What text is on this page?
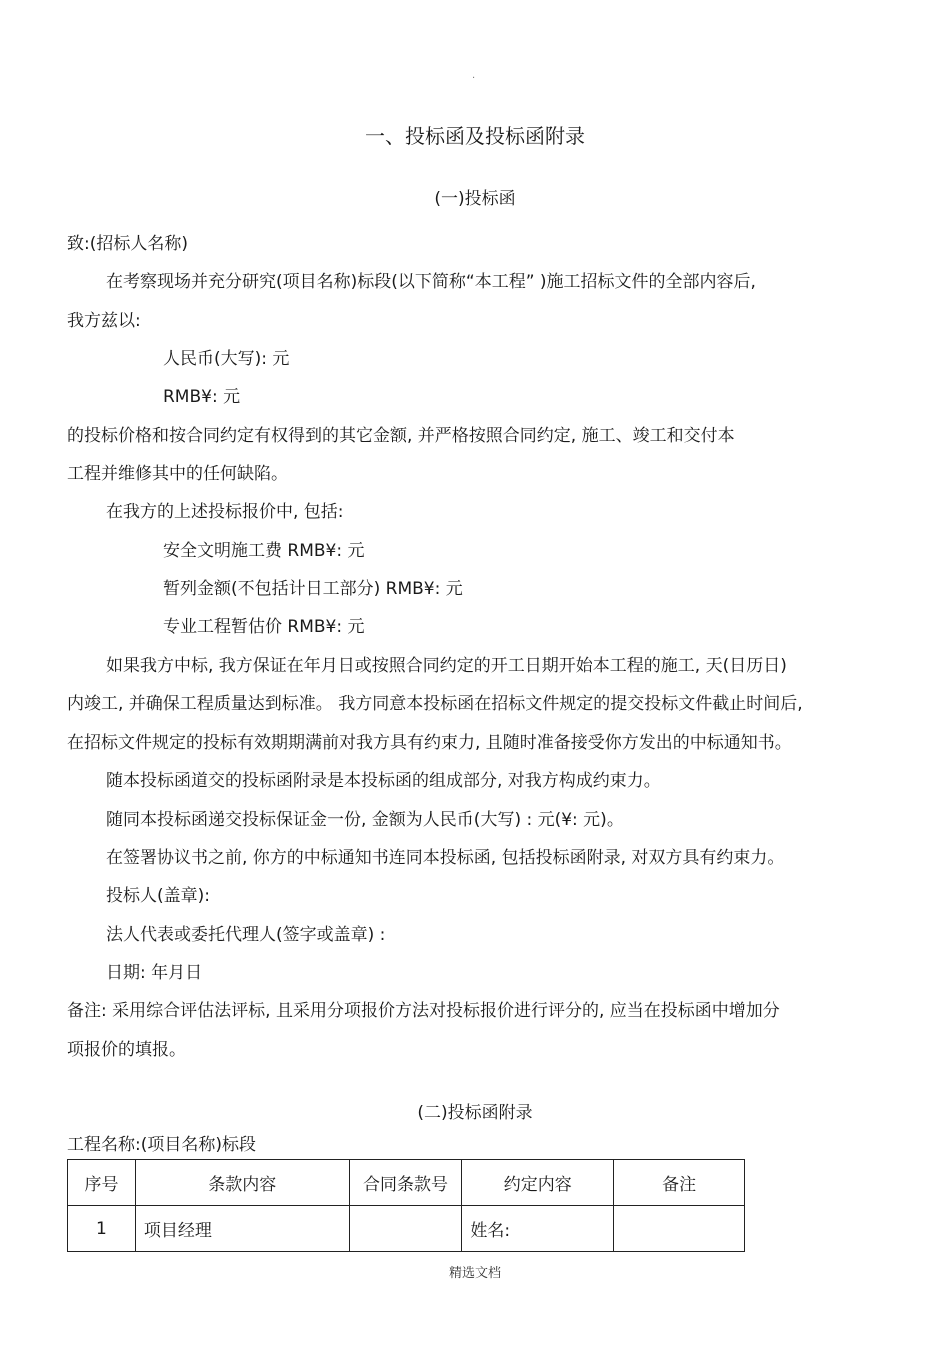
.
一、投标函及投标函附录
(一)投标函
致:(招标人名称)
在考察现场并充分研究(项目名称)标段(以下简称“本工程” )施工招标文件的全部内容后,
我方兹以:
人民币(大写): 元
RMB¥: 元
的投标价格和按合同约定有权得到的其它金额, 并严格按照合同约定, 施工、竣工和交付本
工程并维修其中的任何缺陷。
在我方的上述投标报价中, 包括:
安全文明施工费 RMB¥: 元
暂列金额(不包括计日工部分) RMB¥: 元
专业工程暂估价 RMB¥: 元
如果我方中标, 我方保证在年月日或按照合同约定的开工日期开始本工程的施工, 天(日历日)
内竣工, 并确保工程质量达到标准。 我方同意本投标函在招标文件规定的提交投标文件截止时间后,
在招标文件规定的投标有效期期满前对我方具有约束力, 且随时准备接受你方发出的中标通知书。
随本投标函道交的投标函附录是本投标函的组成部分, 对我方构成约束力。
随同本投标函递交投标保证金一份, 金额为人民币(大写) : 元(¥: 元)。
在签署协议书之前, 你方的中标通知书连同本投标函, 包括投标函附录, 对双方具有约束力。
投标人(盖章):
法人代表或委托代理人(签字或盖章) :
日期: 年月日
备注: 采用综合评估法评标, 且采用分项报价方法对投标报价进行评分的, 应当在投标函中增加分
项报价的填报。
(二)投标函附录
工程名称:(项目名称)标段
序号	条款内容	合同条款号	约定内容	备注
1	项目经理		姓名:	
精选文档
